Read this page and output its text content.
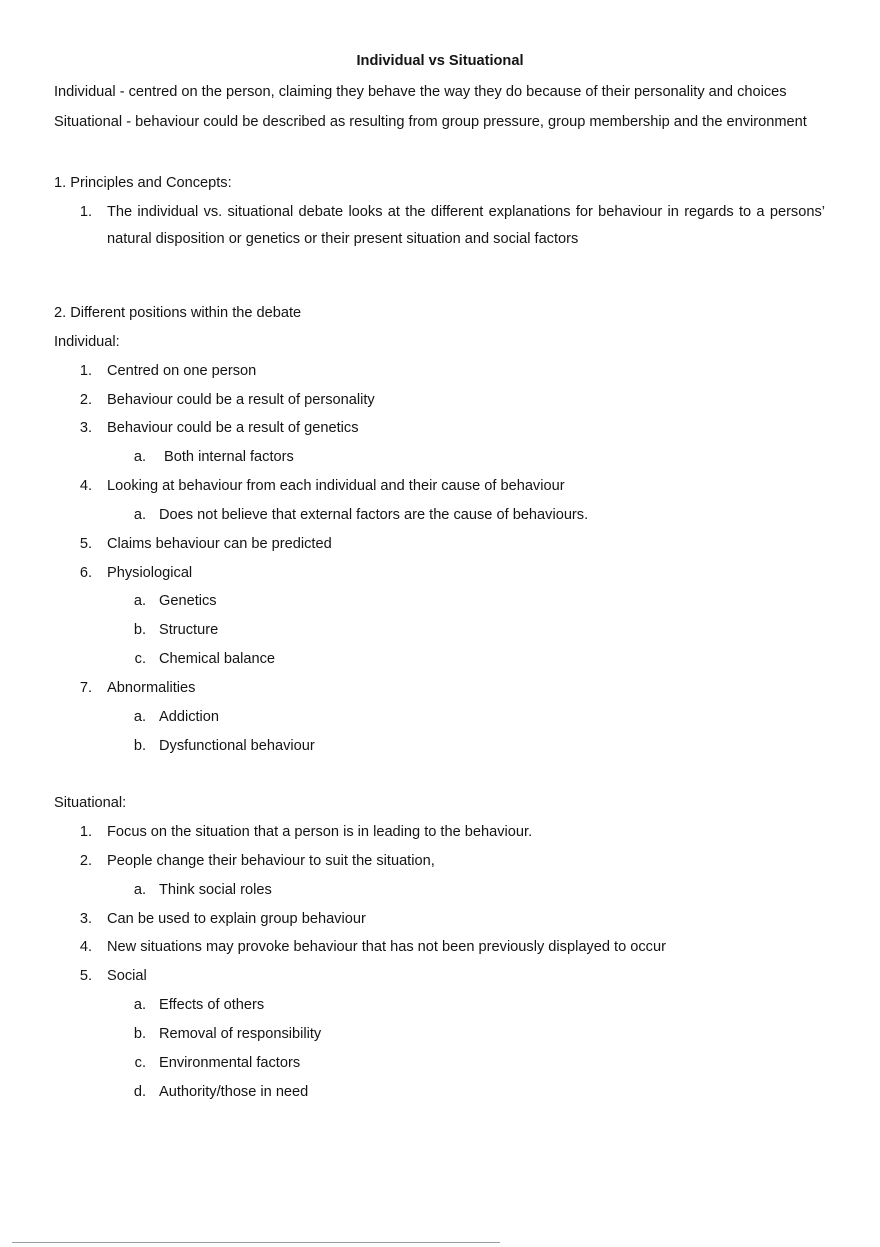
Individual vs Situational
Individual - centred on the person, claiming they behave the way they do because of their personality and choices
Situational - behaviour could be described as resulting from group pressure, group membership and the environment
1. Principles and Concepts:
1. The individual vs. situational debate looks at the different explanations for behaviour in regards to a persons’
natural disposition or genetics or their present situation and social factors
2. Different positions within the debate
Individual:
1. Centred on one person
2. Behaviour could be a result of personality
3. Behaviour could be a result of genetics
a. Both internal factors
4. Looking at behaviour from each individual and their cause of behaviour
a. Does not believe that external factors are the cause of behaviours.
5. Claims behaviour can be predicted
6. Physiological
a. Genetics
b. Structure
c. Chemical balance
7. Abnormalities
a. Addiction
b. Dysfunctional behaviour
Situational:
1. Focus on the situation that a person is in leading to the behaviour.
2. People change their behaviour to suit the situation,
a. Think social roles
3. Can be used to explain group behaviour
4. New situations may provoke behaviour that has not been previously displayed to occur
5. Social
a. Effects of others
b. Removal of responsibility
c. Environmental factors
d. Authority/those in need
